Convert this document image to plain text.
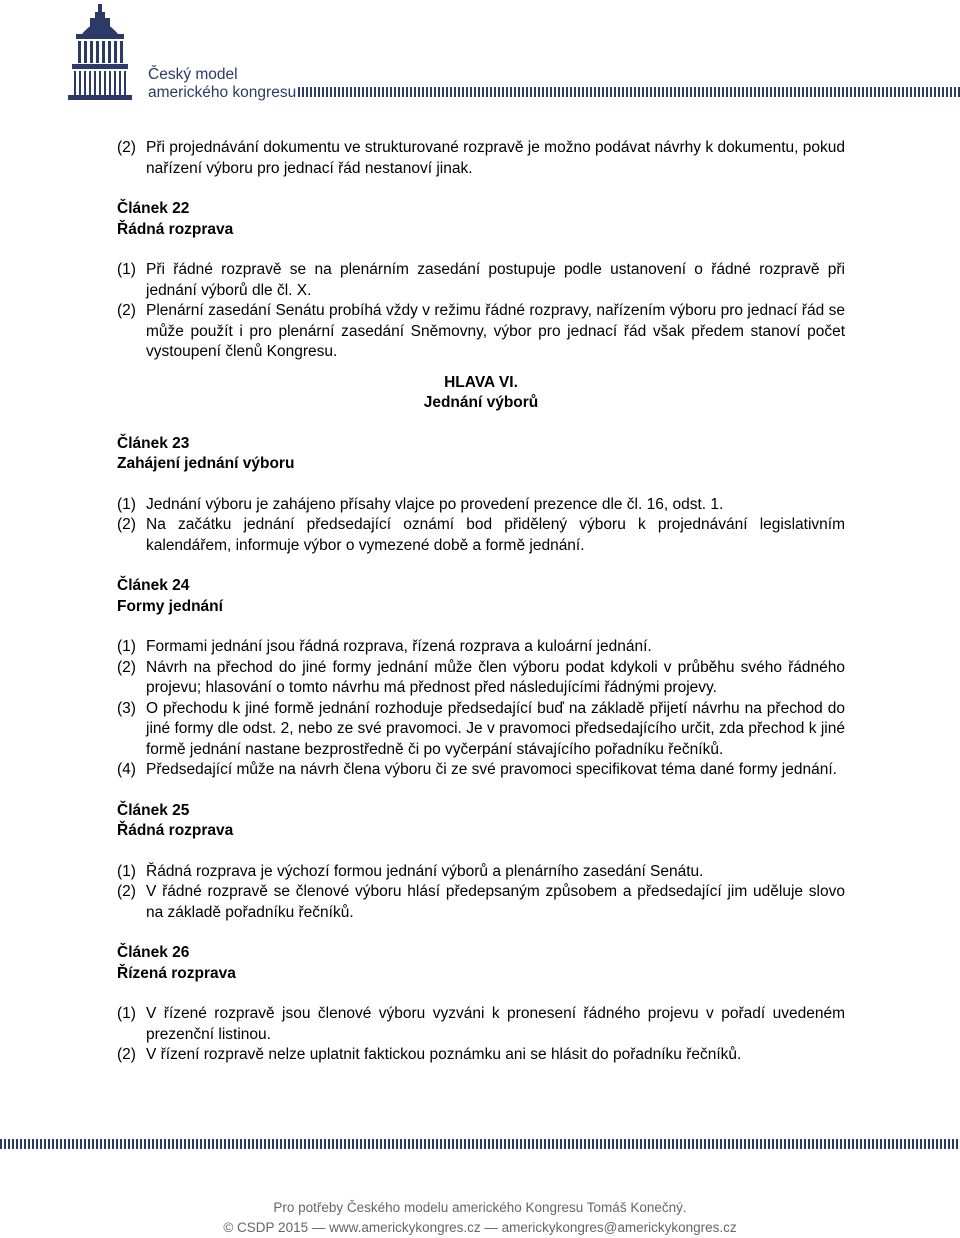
Český model
amerického kongresu
(2) Při projednávání dokumentu ve strukturované rozpravě je možno podávat návrhy k dokumentu, pokud nařízení výboru pro jednací řád nestanoví jinak.
Článek 22
Řádná rozprava
(1) Při řádné rozpravě se na plenárním zasedání postupuje podle ustanovení o řádné rozpravě při jednání výborů dle čl. X.
(2) Plenární zasedání Senátu probíhá vždy v režimu řádné rozpravy, nařízením výboru pro jednací řád se může použít i pro plenární zasedání Sněmovny, výbor pro jednací řád však předem stanoví počet vystoupení členů Kongresu.
HLAVA VI.
Jednání výborů
Článek 23
Zahájení jednání výboru
(1) Jednání výboru je zahájeno přísahy vlajce po provedení prezence dle čl. 16, odst. 1.
(2) Na začátku jednání předsedající oznámí bod přidělený výboru k projednávání legislativním kalendářem, informuje výbor o vymezené době a formě jednání.
Článek 24
Formy jednání
(1) Formami jednání jsou řádná rozprava, řízená rozprava a kuloární jednání.
(2) Návrh na přechod do jiné formy jednání může člen výboru podat kdykoli v průběhu svého řádného projevu; hlasování o tomto návrhu má přednost před následujícími řádnými projevy.
(3) O přechodu k jiné formě jednání rozhoduje předsedající buď na základě přijetí návrhu na přechod do jiné formy dle odst. 2, nebo ze své pravomoci. Je v pravomoci předsedajícího určit, zda přechod k jiné formě jednání nastane bezprostředně či po vyčerpání stávajícího pořadníku řečníků.
(4) Předsedající může na návrh člena výboru či ze své pravomoci specifikovat téma dané formy jednání.
Článek 25
Řádná rozprava
(1) Řádná rozprava je výchozí formou jednání výborů a plenárního zasedání Senátu.
(2) V řádné rozpravě se členové výboru hlásí předepsaným způsobem a předsedající jim uděluje slovo na základě pořadníku řečníků.
Článek 26
Řízená rozprava
(1) V řízené rozpravě jsou členové výboru vyzváni k pronesení řádného projevu v pořadí uvedeném prezenční listinou.
(2) V řízení rozpravě nelze uplatnit fakticko​u poznámku ani se hlásit do pořadníku řečníků.
Pro potřeby Českého modelu amerického Kongresu Tomáš Konečný.
© CSDP 2015 — www.americkykongres.cz — americkykongres@americkykongres.cz
